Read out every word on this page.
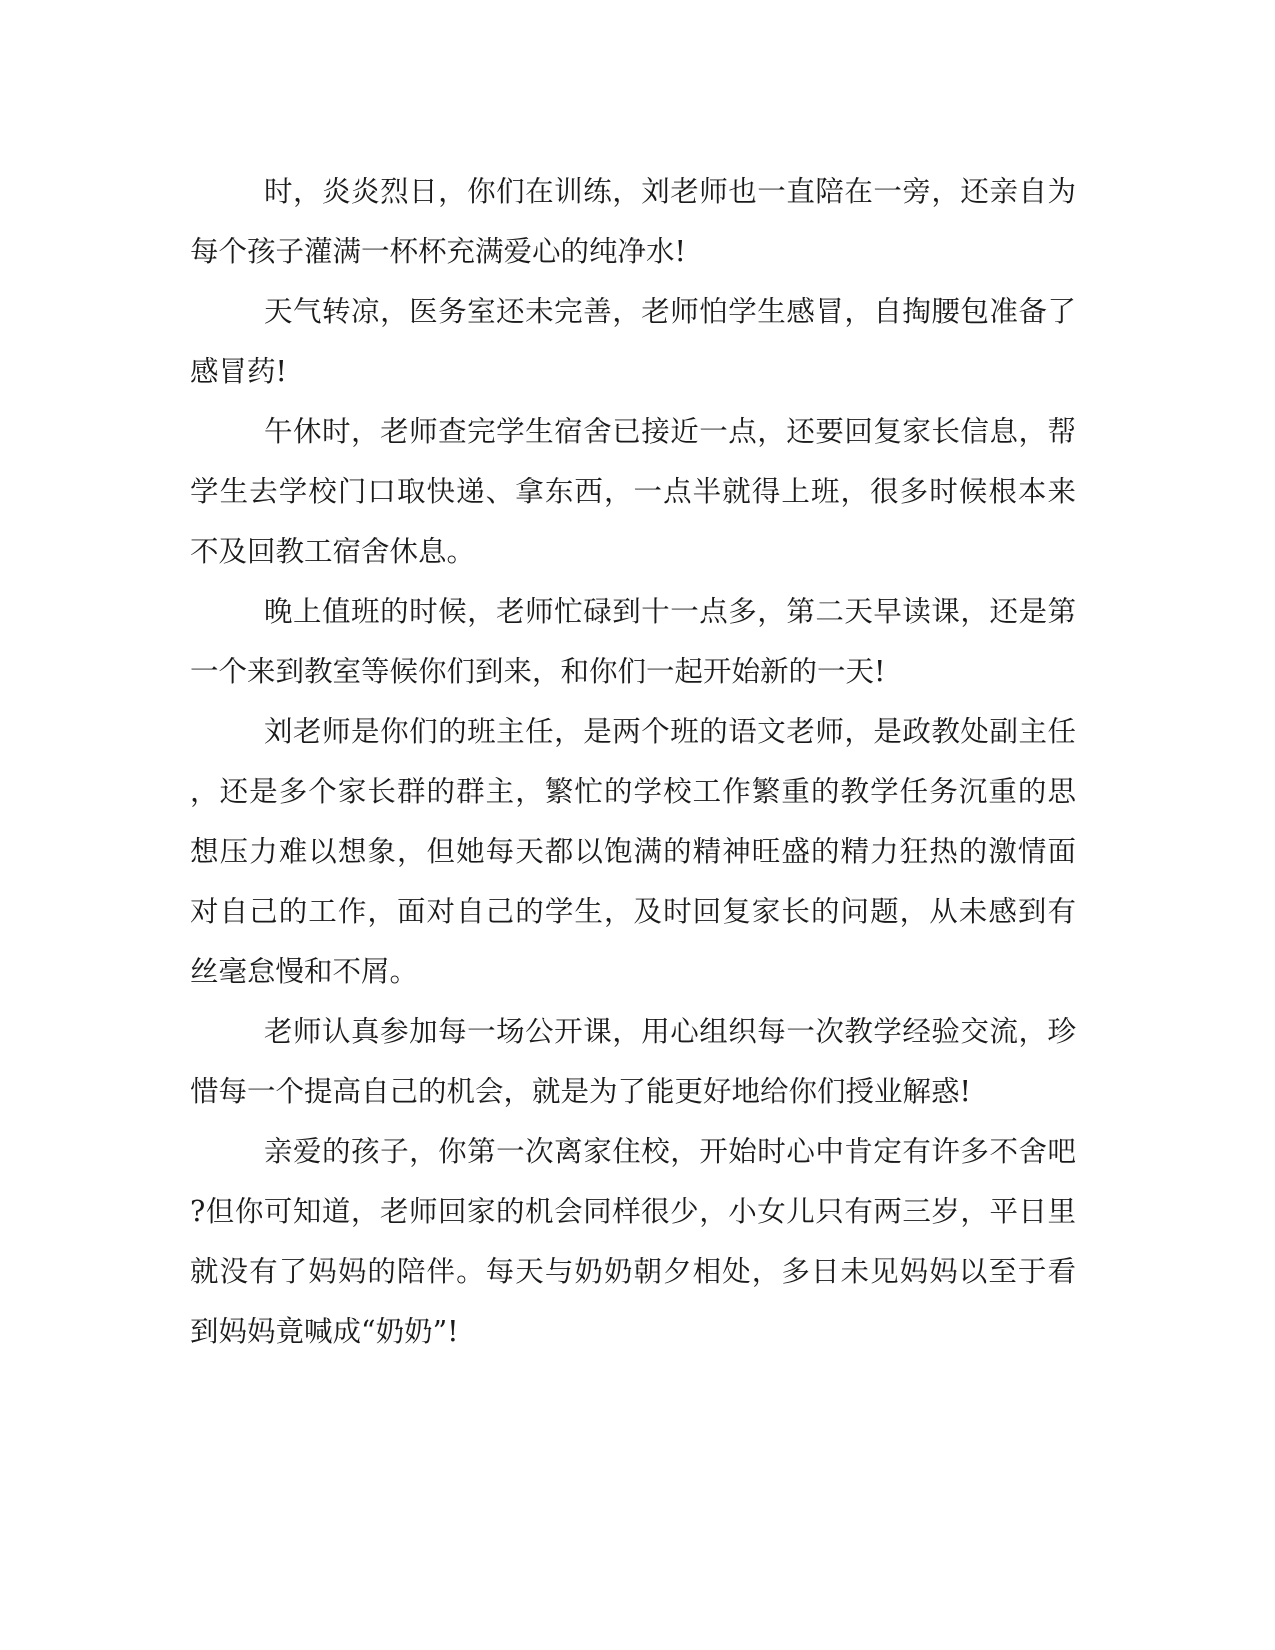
时，炎炎烈日，你们在训练，刘老师也一直陪在一旁，还亲自为
每个孩子灌满一杯杯充满爱心的纯净水!
天气转凉，医务室还未完善，老师怕学生感冒，自掏腰包准备了
感冒药!
午休时，老师查完学生宿舍已接近一点，还要回复家长信息，帮
学生去学校门口取快递、拿东西，一点半就得上班，很多时候根本来
不及回教工宿舍休息。
晚上值班的时候，老师忙碌到十一点多，第二天早读课，还是第
一个来到教室等候你们到来，和你们一起开始新的一天!
刘老师是你们的班主任，是两个班的语文老师，是政教处副主任
，还是多个家长群的群主，繁忙的学校工作繁重的教学任务沉重的思
想压力难以想象，但她每天都以饱满的精神旺盛的精力狂热的激情面
对自己的工作，面对自己的学生，及时回复家长的问题，从未感到有
丝毫怠慢和不屑。
老师认真参加每一场公开课，用心组织每一次教学经验交流，珍
惜每一个提高自己的机会，就是为了能更好地给你们授业解惑!
亲爱的孩子，你第一次离家住校，开始时心中肯定有许多不舍吧
?但你可知道，老师回家的机会同样很少，小女儿只有两三岁，平日里
就没有了妈妈的陪伴。每天与奶奶朝夕相处，多日未见妈妈以至于看
到妈妈竟喊成“奶奶”!
